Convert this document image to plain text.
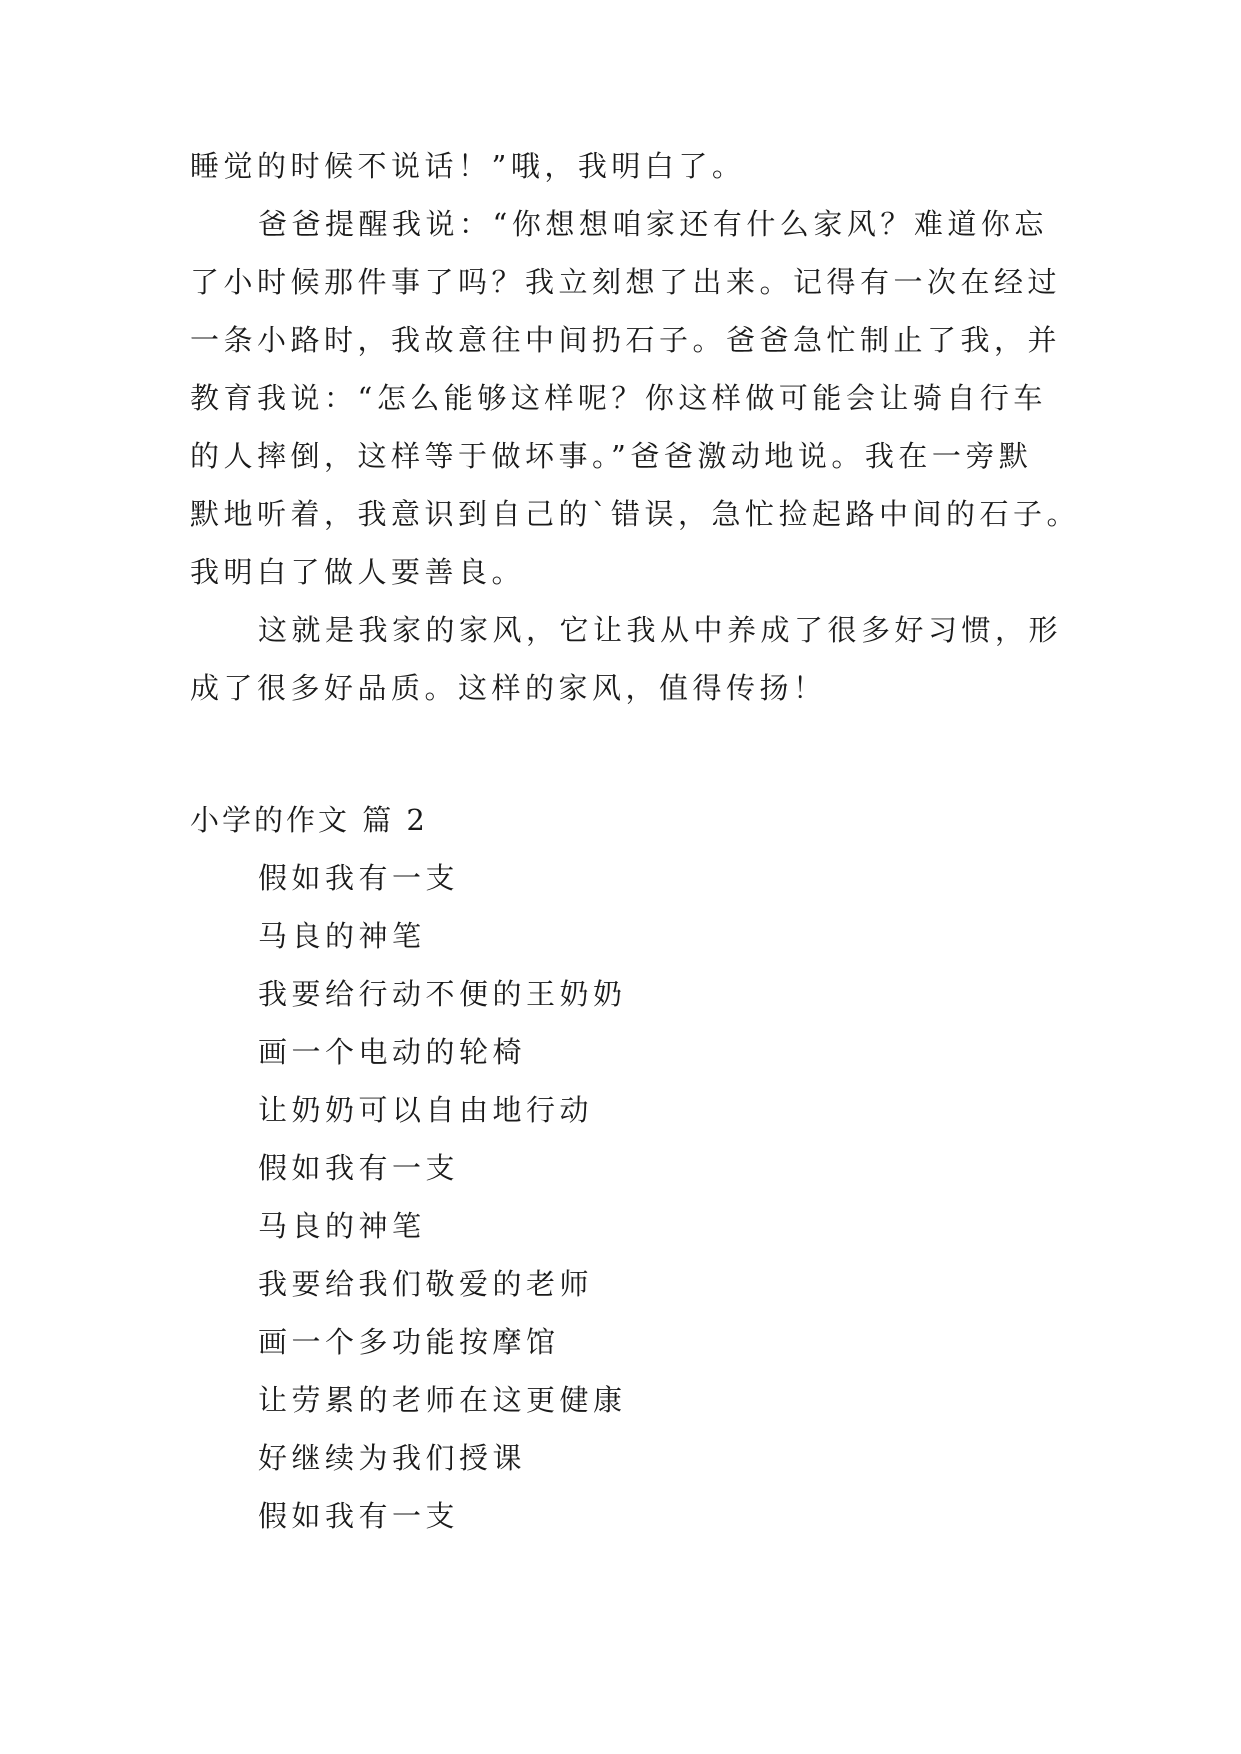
睡觉的时候不说话！”哦，我明白了。
爸爸提醒我说：“你想想咱家还有什么家风？难道你忘
了小时候那件事了吗？我立刻想了出来。记得有一次在经过
一条小路时，我故意往中间扔石子。爸爸急忙制止了我，并
教育我说：“怎么能够这样呢？你这样做可能会让骑自行车
的人摔倒，这样等于做坏事。”爸爸激动地说。我在一旁默
默地听着，我意识到自己的`错误，急忙捡起路中间的石子。
我明白了做人要善良。
这就是我家的家风，它让我从中养成了很多好习惯，形
成了很多好品质。这样的家风，值得传扬！
小学的作文 篇 2
假如我有一支
马良的神笔
我要给行动不便的王奶奶
画一个电动的轮椅
让奶奶可以自由地行动
假如我有一支
马良的神笔
我要给我们敬爱的老师
画一个多功能按摩馆
让劳累的老师在这更健康
好继续为我们授课
假如我有一支
